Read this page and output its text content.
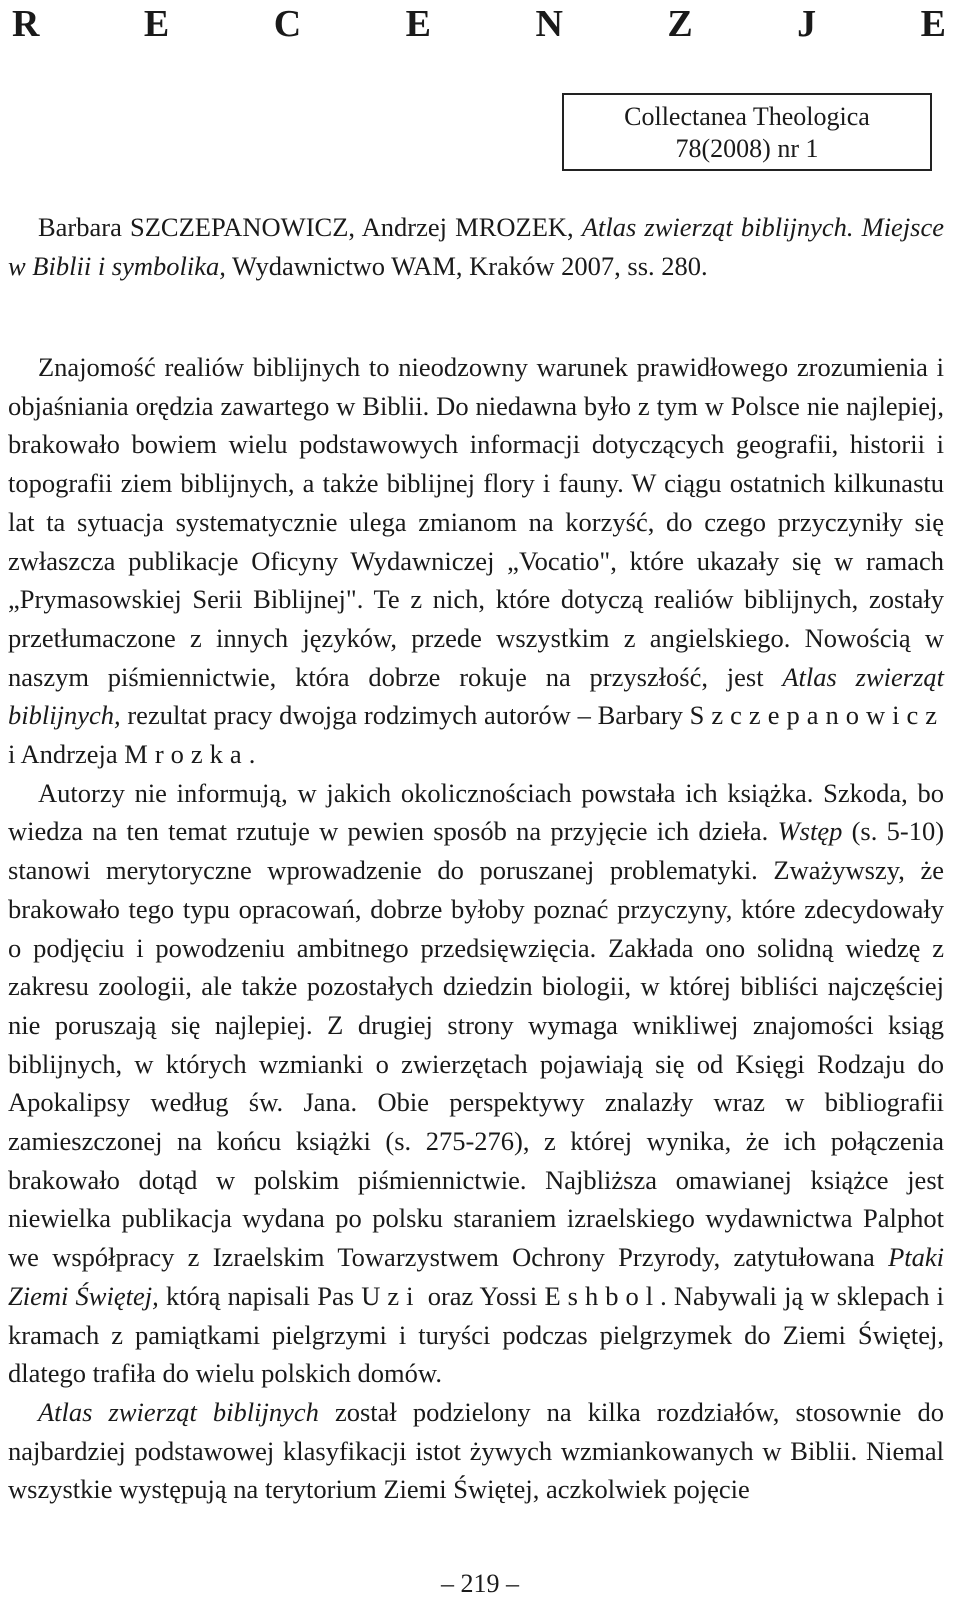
R	E	C	E	N	Z	J	E
Collectanea Theologica
78(2008) nr 1
Barbara SZCZEPANOWICZ, Andrzej MROZEK, Atlas zwierząt biblijnych. Miejsce w Biblii i symbolika, Wydawnictwo WAM, Kraków 2007, ss. 280.

Znajomość realiów biblijnych to nieodzowny warunek prawidłowego zrozumienia i objaśniania orędzia zawartego w Biblii. Do niedawna było z tym w Polsce nie najlepiej, brakowało bowiem wielu podstawowych informacji dotyczących geografii, historii i topografii ziem biblijnych, a także biblijnej flory i fauny. W ciągu ostatnich kilkunastu lat ta sytuacja systematycznie ulega zmianom na korzyść, do czego przyczyniły się zwłaszcza publikacje Oficyny Wydawniczej „Vocatio", które ukazały się w ramach „Prymasowskiej Serii Biblijnej". Te z nich, które dotyczą realiów biblijnych, zostały przetłumaczone z innych języków, przede wszystkim z angielskiego. Nowością w naszym piśmiennictwie, która dobrze rokuje na przyszłość, jest Atlas zwierząt biblijnych, rezultat pracy dwojga rodzimych autorów – Barbary Szczepanowicz i Andrzeja Mrozka.

Autorzy nie informują, w jakich okolicznościach powstała ich książka. Szkoda, bo wiedza na ten temat rzutuje w pewien sposób na przyjęcie ich dzieła. Wstęp (s. 5-10) stanowi merytoryczne wprowadzenie do poruszanej problematyki. Zważywszy, że brakowało tego typu opracowań, dobrze byłoby poznać przyczyny, które zdecydowały o podjęciu i powodzeniu ambitnego przedsięwzięcia. Zakłada ono solidną wiedzę z zakresu zoologii, ale także pozostałych dziedzin biologii, w której bibliści najczęściej nie poruszają się najlepiej. Z drugiej strony wymaga wnikliwej znajomości ksiąg biblijnych, w których wzmianki o zwierzętach pojawiają się od Księgi Rodzaju do Apokalipsy według św. Jana. Obie perspektywy znalazły wraz w bibliografii zamieszczonej na końcu książki (s. 275-276), z której wynika, że ich połączenia brakowało dotąd w polskim piśmiennictwie. Najbliższa omawianej książce jest niewielka publikacja wydana po polsku staraniem izraelskiego wydawnictwa Palphot we współpracy z Izraelskim Towarzystwem Ochrony Przyrody, zatytułowana Ptaki Ziemi Świętej, którą napisali Pas Uzi oraz Yossi Eshbol. Nabywali ją w sklepach i kramach z pamiątkami pielgrzymi i turyści podczas pielgrzymek do Ziemi Świętej, dlatego trafiła do wielu polskich domów.

Atlas zwierząt biblijnych został podzielony na kilka rozdziałów, stosownie do najbardziej podstawowej klasyfikacji istot żywych wzmiankowanych w Biblii. Niemal wszystkie występują na terytorium Ziemi Świętej, aczkolwiek pojęcie

– 219 –
